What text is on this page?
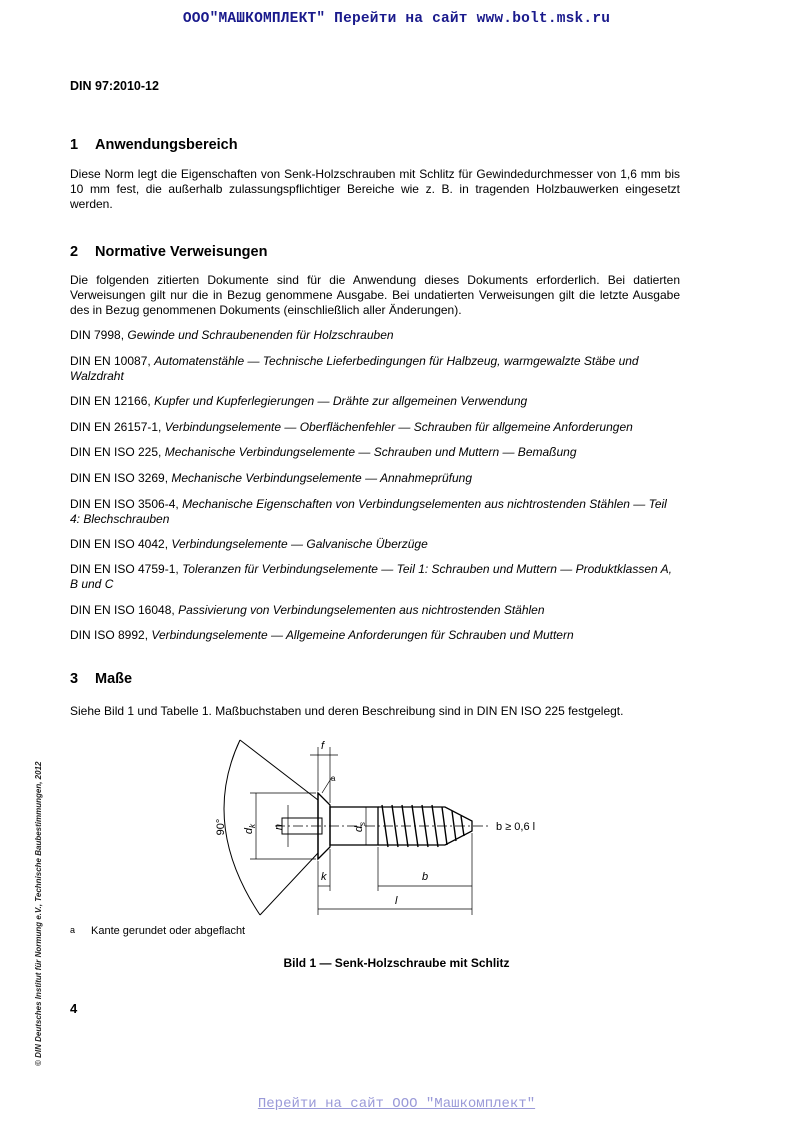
ООО"МАШКОМПЛЕКТ" Перейти на сайт www.bolt.msk.ru
DIN 97:2010-12
1 Anwendungsbereich
Diese Norm legt die Eigenschaften von Senk-Holzschrauben mit Schlitz für Gewindedurchmesser von 1,6 mm bis 10 mm fest, die außerhalb zulassungspflichtiger Bereiche wie z. B. in tragenden Holzbauwerken eingesetzt werden.
2 Normative Verweisungen
Die folgenden zitierten Dokumente sind für die Anwendung dieses Dokuments erforderlich. Bei datierten Verweisungen gilt nur die in Bezug genommene Ausgabe. Bei undatierten Verweisungen gilt die letzte Ausgabe des in Bezug genommenen Dokuments (einschließlich aller Änderungen).
DIN 7998, Gewinde und Schraubenenden für Holzschrauben
DIN EN 10087, Automatenstähle — Technische Lieferbedingungen für Halbzeug, warmgewalzte Stäbe und Walzdraht
DIN EN 12166, Kupfer und Kupferlegierungen — Drähte zur allgemeinen Verwendung
DIN EN 26157-1, Verbindungselemente — Oberflächenfehler — Schrauben für allgemeine Anforderungen
DIN EN ISO 225, Mechanische Verbindungselemente — Schrauben und Muttern — Bemaßung
DIN EN ISO 3269, Mechanische Verbindungselemente — Annahmeprüfung
DIN EN ISO 3506-4, Mechanische Eigenschaften von Verbindungselementen aus nichtrostenden Stählen — Teil 4: Blechschrauben
DIN EN ISO 4042, Verbindungselemente — Galvanische Überzüge
DIN EN ISO 4759-1, Toleranzen für Verbindungselemente — Teil 1: Schrauben und Muttern — Produktklassen A, B und C
DIN EN ISO 16048, Passivierung von Verbindungselementen aus nichtrostenden Stählen
DIN ISO 8992, Verbindungselemente — Allgemeine Anforderungen für Schrauben und Muttern
3 Maße
Siehe Bild 1 und Tabelle 1. Maßbuchstaben und deren Beschreibung sind in DIN EN ISO 225 festgelegt.
90°
f
a
$d_k$ n	$d_s$
k	b
l
b ≥ 0,6 l
a Kante gerundet oder abgeflacht
Bild 1 — Senk-Holzschraube mit Schlitz
4
© DIN Deutsches Institut für Normung e.V., Technische Baubestimmungen, 2012
Перейти на сайт ООО "Машкомплект"
